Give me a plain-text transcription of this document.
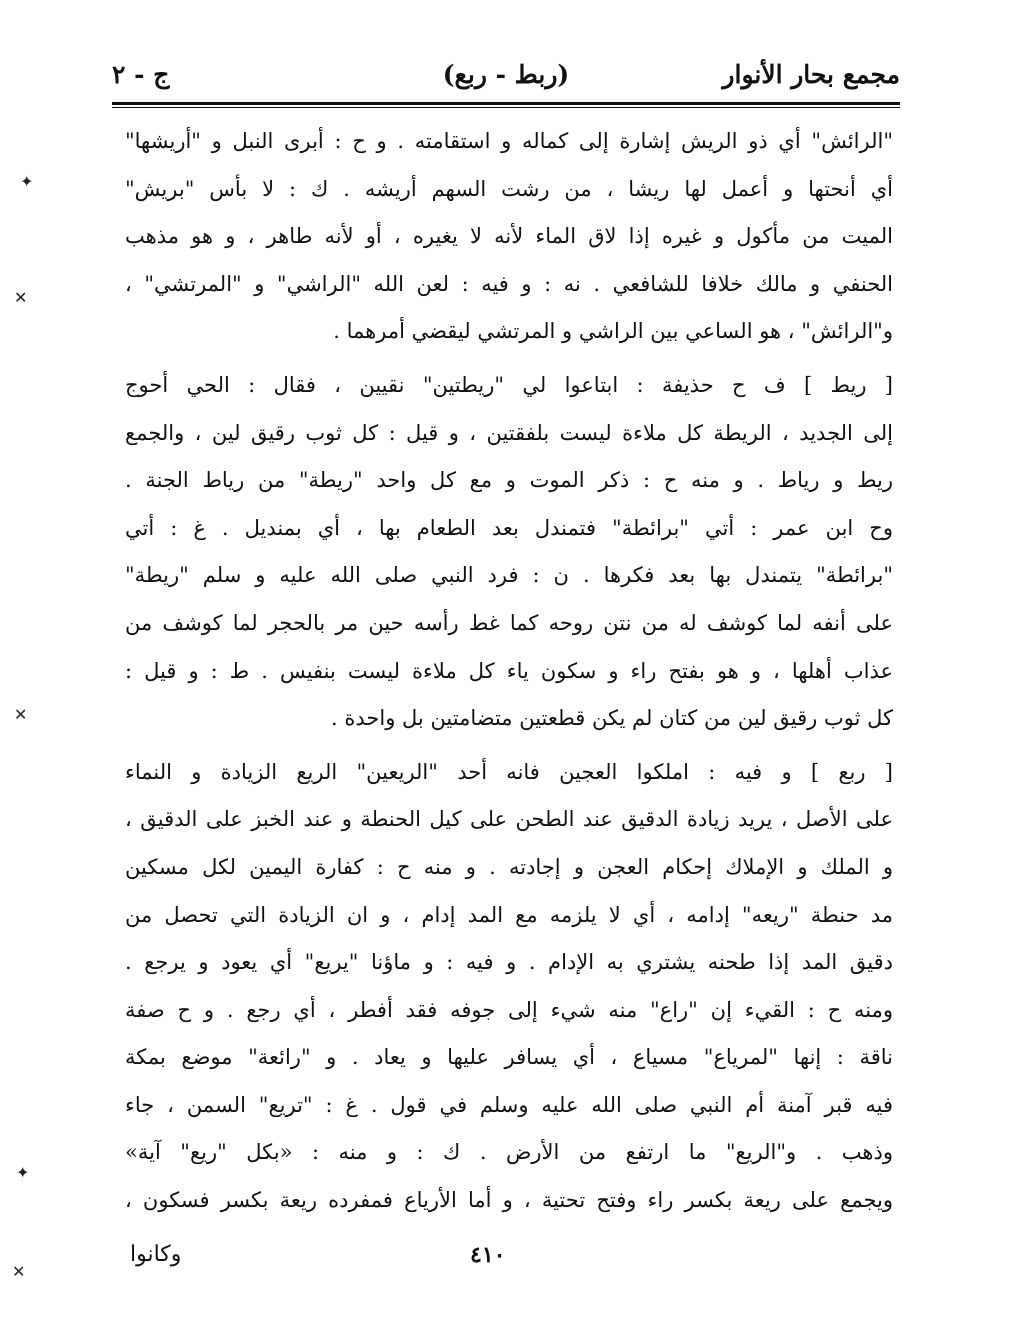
مجمع بحار الأنوار
(ربط - ربع)
ج - ٢
"الرائش" أي ذو الريش إشارة إلى كماله و استقامته . و ح : أبرى النبل و "أريشها"
أي أنحتها و أعمل لها ريشا ، من رشت السهم أريشه . ك : لا بأس "بريش"
الميت من مأكول و غيره إذا لاق الماء لأنه لا يغيره ، أو لأنه طاهر ، و هو مذهب
الحنفي و مالك خلافا للشافعي . نه : و فيه : لعن الله "الراشي" و "المرتشي" ،
و"الرائش" ، هو الساعي بين الراشي و المرتشي ليقضي أمرهما .
[ ريط ] ف ح حذيفة : ابتاعوا لي "ريطتين" نقيين ، فقال : الحي أحوج
إلى الجديد ، الريطة كل ملاءة ليست بلفقتين ، و قيل : كل ثوب رقيق لين ، والجمع
ريط و رياط . و منه ح : ذكر الموت و مع كل واحد "ريطة" من رياط الجنة .
وح ابن عمر : أتي "برائطة" فتمندل بعد الطعام بها ، أي بمنديل . غ : أتي
"برائطة" يتمندل بها بعد فكرها . ن : فرد النبي صلى الله عليه و سلم "ريطة"
على أنفه لما كوشف له من نتن روحه كما غط رأسه حين مر بالحجر لما كوشف من
عذاب أهلها ، و هو بفتح راء و سكون ياء كل ملاءة ليست بنفيس . ط : و قيل :
كل ثوب رقيق لين من كتان لم يكن قطعتين متضامتين بل واحدة .
[ ربع ] و فيه : املكوا العجين فانه أحد "الريعين" الريع الزيادة و النماء
على الأصل ، يريد زيادة الدقيق عند الطحن على كيل الحنطة و عند الخبز على الدقيق ،
و الملك و الإملاك إحكام العجن و إجادته . و منه ح : كفارة اليمين لكل مسكين
مد حنطة "ريعه" إدامه ، أي لا يلزمه مع المد إدام ، و ان الزيادة التي تحصل من
دقيق المد إذا طحنه يشتري به الإدام . و فيه : و ماؤنا "يريع" أي يعود و يرجع .
ومنه ح : القيء إن "راع" منه شيء إلى جوفه فقد أفطر ، أي رجع . و ح صفة
ناقة : إنها "لمرياع" مسياع ، أي يسافر عليها و يعاد . و "رائعة" موضع بمكة
فيه قبر آمنة أم النبي صلى الله عليه وسلم في قول . غ : "تريع" السمن ، جاء
وذهب . و"الريع" ما ارتفع من الأرض . ك : و منه : «بكل "ريع" آية»
ويجمع على ريعة بكسر راء وفتح تحتية ، و أما الأرياع فمفرده ريعة بكسر فسكون ،
وكانوا	٤١٠
✦
✕
✕
✦
✕
